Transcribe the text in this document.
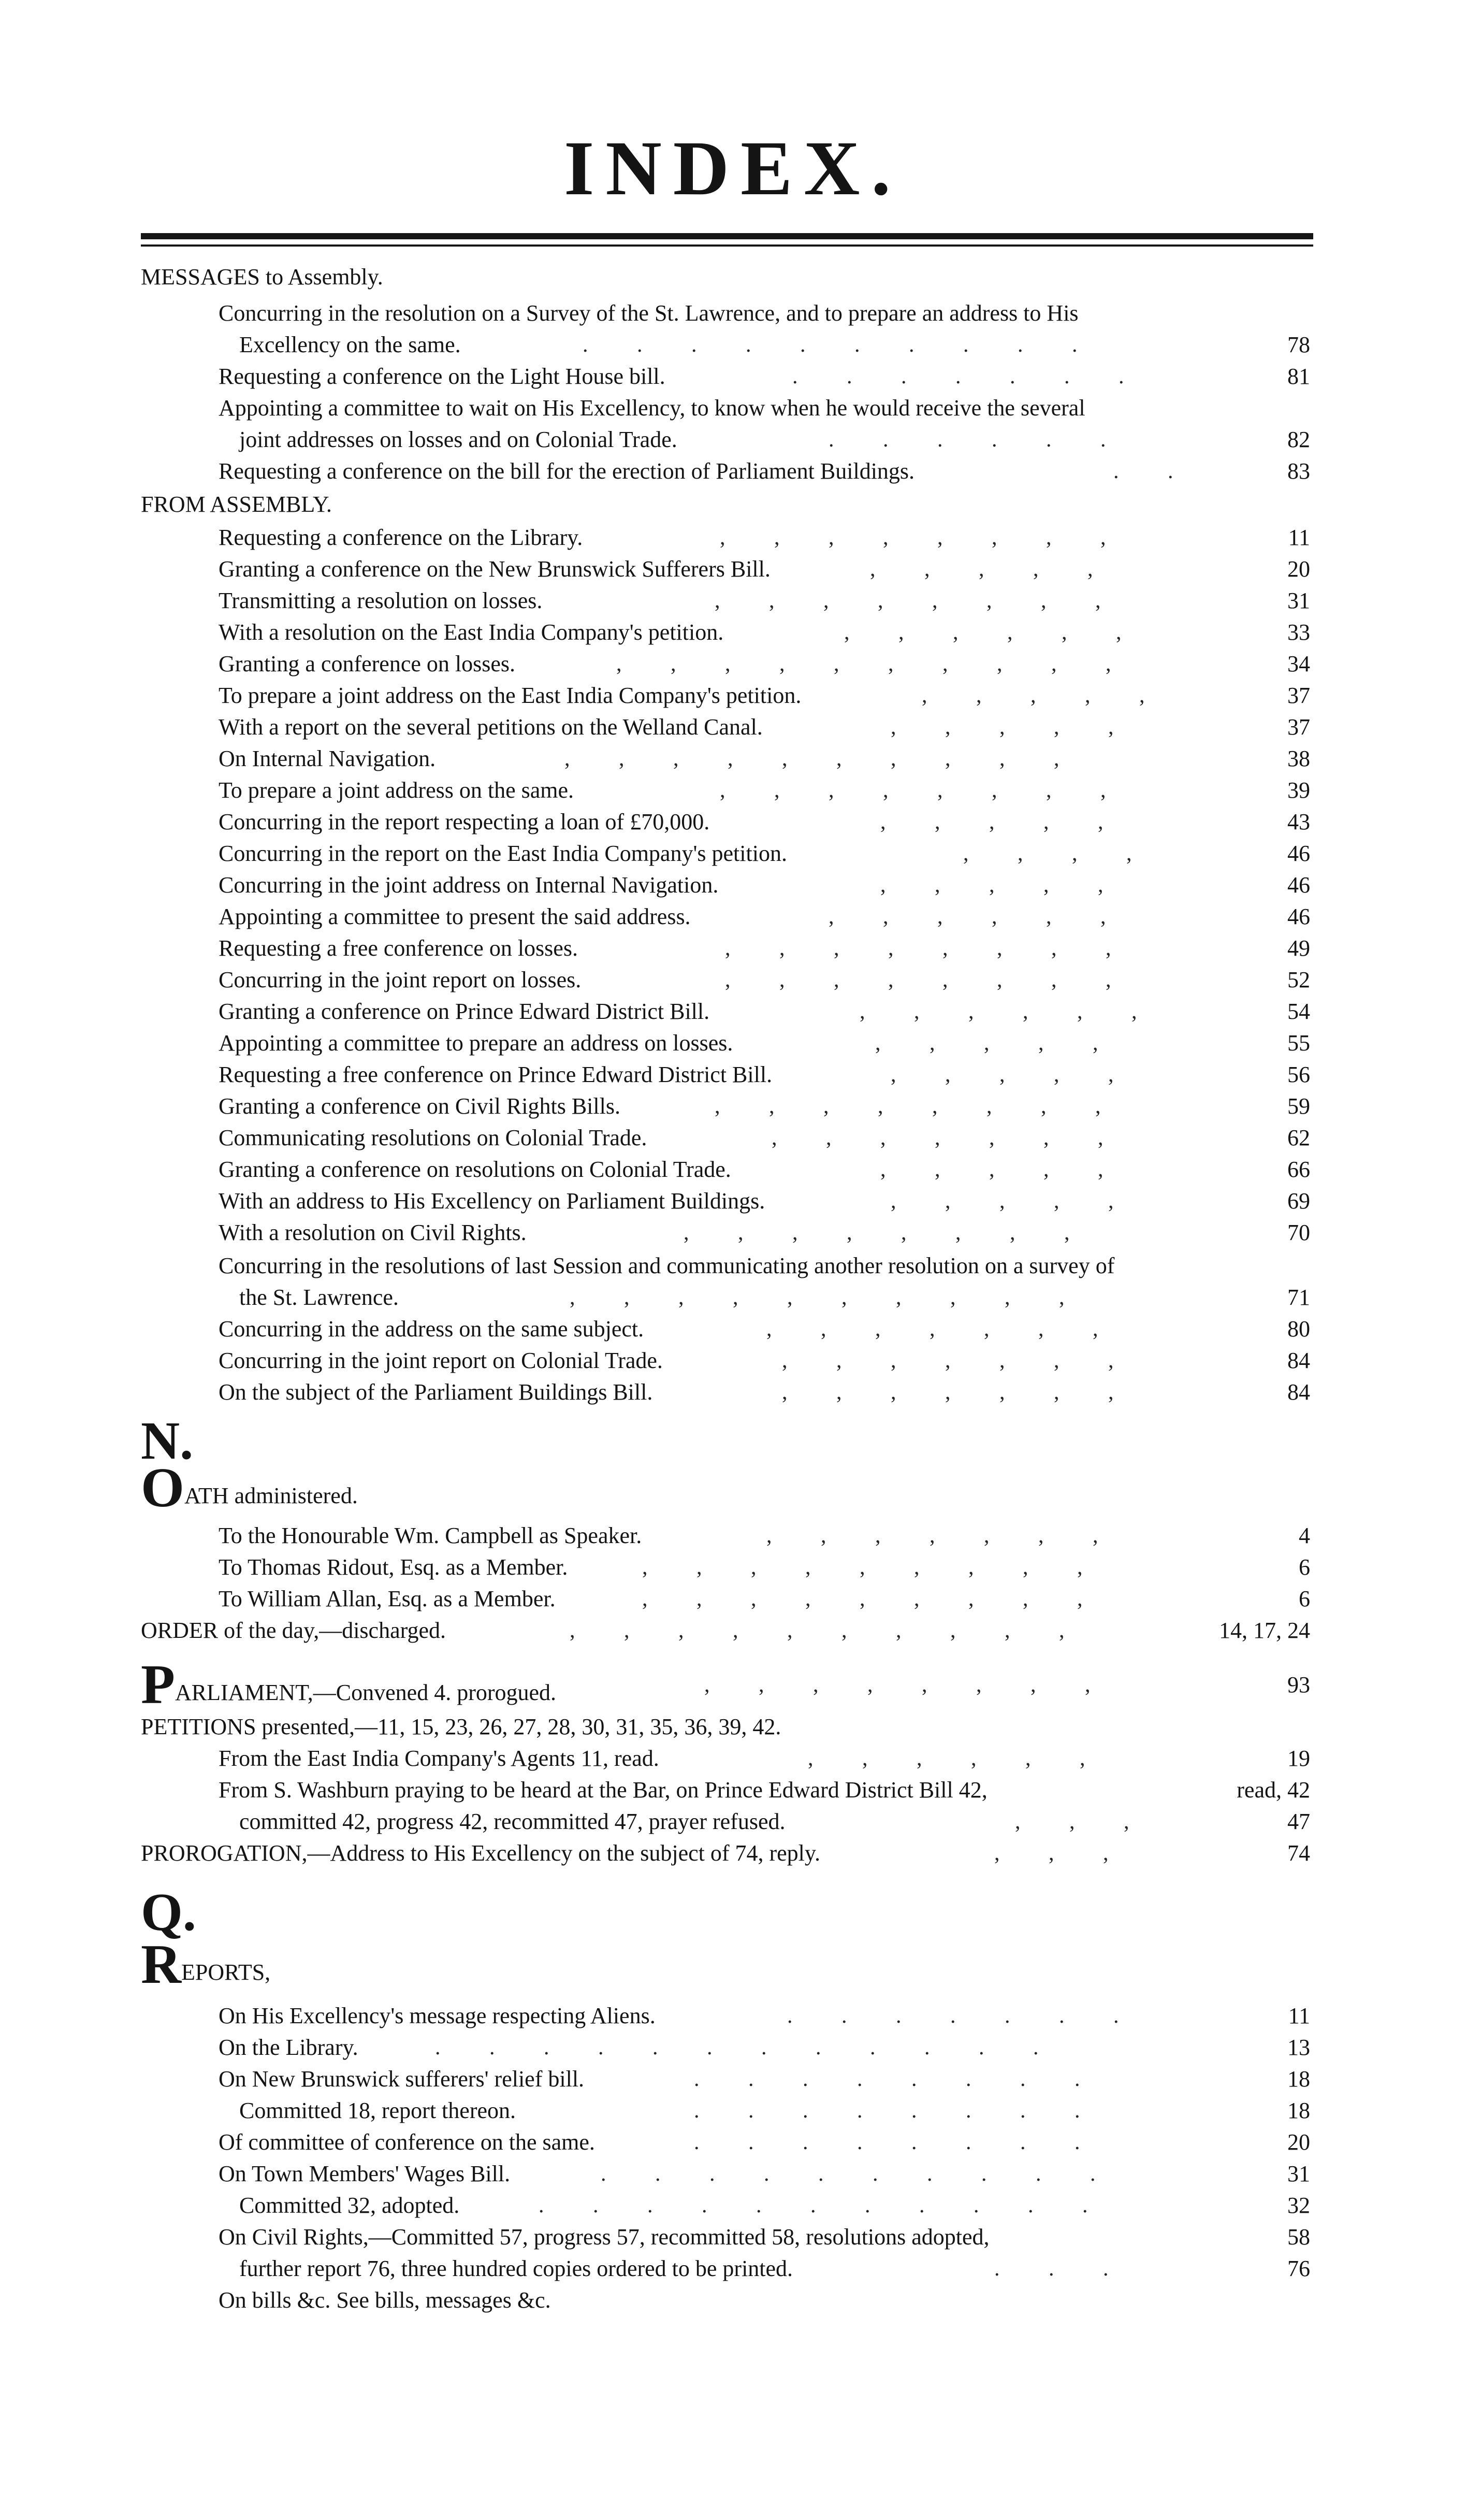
INDEX.
MESSAGES to Assembly.
Concurring in the resolution on a Survey of the St. Lawrence, and to prepare an address to His
Excellency on the same.	.   .   .   .   .   .   .   .   .   .  	78
Requesting a conference on the Light House bill.	.   .   .   .   .   .   .  	81
Appointing a committee to wait on His Excellency, to know when he would receive the several
joint addresses on losses and on Colonial Trade.	.   .   .   .   .   .  	82
Requesting a conference on the bill for the erection of Parliament Buildings.	.   .  	83
FROM ASSEMBLY.
Requesting a conference on the Library.	,   ,   ,   ,   ,   ,   ,   ,  	11
Granting a conference on the New Brunswick Sufferers Bill.	,   ,   ,   ,   ,  	20
Transmitting a resolution on losses.	,   ,   ,   ,   ,   ,   ,   ,  	31
With a resolution on the East India Company's petition.	,   ,   ,   ,   ,   ,  	33
Granting a conference on losses.	,   ,   ,   ,   ,   ,   ,   ,   ,   ,  	34
To prepare a joint address on the East India Company's petition.	,   ,   ,   ,   ,  	37
With a report on the several petitions on the Welland Canal.	,   ,   ,   ,   ,  	37
On Internal Navigation.	,   ,   ,   ,   ,   ,   ,   ,   ,   ,  	38
To prepare a joint address on the same.	,   ,   ,   ,   ,   ,   ,   ,  	39
Concurring in the report respecting a loan of £70,000.	,   ,   ,   ,   ,  	43
Concurring in the report on the East India Company's petition.	,   ,   ,   ,  	46
Concurring in the joint address on Internal Navigation.	,   ,   ,   ,   ,  	46
Appointing a committee to present the said address.	,   ,   ,   ,   ,   ,  	46
Requesting a free conference on losses.	,   ,   ,   ,   ,   ,   ,   ,  	49
Concurring in the joint report on losses.	,   ,   ,   ,   ,   ,   ,   ,  	52
Granting a conference on Prince Edward District Bill.	,   ,   ,   ,   ,   ,  	54
Appointing a committee to prepare an address on losses.	,   ,   ,   ,   ,  	55
Requesting a free conference on Prince Edward District Bill.	,   ,   ,   ,   ,  	56
Granting a conference on Civil Rights Bills.	,   ,   ,   ,   ,   ,   ,   ,  	59
Communicating resolutions on Colonial Trade.	,   ,   ,   ,   ,   ,   ,  	62
Granting a conference on resolutions on Colonial Trade.	,   ,   ,   ,   ,  	66
With an address to His Excellency on Parliament Buildings.	,   ,   ,   ,   ,  	69
With a resolution on Civil Rights.	,   ,   ,   ,   ,   ,   ,   ,  	70
Concurring in the resolutions of last Session and communicating another resolution on a survey of
the St. Lawrence.	,   ,   ,   ,   ,   ,   ,   ,   ,   ,  	71
Concurring in the address on the same subject.	,   ,   ,   ,   ,   ,   ,  	80
Concurring in the joint report on Colonial Trade.	,   ,   ,   ,   ,   ,   ,  	84
On the subject of the Parliament Buildings Bill.	,   ,   ,   ,   ,   ,   ,  	84
N.
OATH administered.
To the Honourable Wm. Campbell as Speaker.	,   ,   ,   ,   ,   ,   ,  	4
To Thomas Ridout, Esq. as a Member.	,   ,   ,   ,   ,   ,   ,   ,   ,  	6
To William Allan, Esq. as a Member.	,   ,   ,   ,   ,   ,   ,   ,   ,  	6
ORDER of the day,—discharged.	,   ,   ,   ,   ,   ,   ,   ,   ,   ,  	14, 17, 24
PARLIAMENT,—Convened 4. prorogued.	,   ,   ,   ,   ,   ,   ,   ,  	93
PETITIONS presented,—11, 15, 23, 26, 27, 28, 30, 31, 35, 36, 39, 42.
From the East India Company's Agents 11, read.	,   ,   ,   ,   ,   ,  	19
From S. Washburn praying to be heard at the Bar, on Prince Edward District Bill 42,	read, 42
committed 42, progress 42, recommitted 47, prayer refused.	,   ,   ,  	47
PROROGATION,—Address to His Excellency on the subject of 74, reply.	,   ,   ,  	74
Q.
REPORTS,
On His Excellency's message respecting Aliens.	.   .   .   .   .   .   .  	11
On the Library.	.   .   .   .   .   .   .   .   .   .   .   .  	13
On New Brunswick sufferers' relief bill.	.   .   .   .   .   .   .   .  	18
Committed 18, report thereon.	.   .   .   .   .   .   .   .  	18
Of committee of conference on the same.	.   .   .   .   .   .   .   .  	20
On Town Members' Wages Bill.	.   .   .   .   .   .   .   .   .   .  	31
Committed 32, adopted.	.   .   .   .   .   .   .   .   .   .   .  	32
On Civil Rights,—Committed 57, progress 57, recommitted 58, resolutions adopted,	58
further report 76, three hundred copies ordered to be printed.	.   .   .  	76
On bills &c. See bills, messages &c.
